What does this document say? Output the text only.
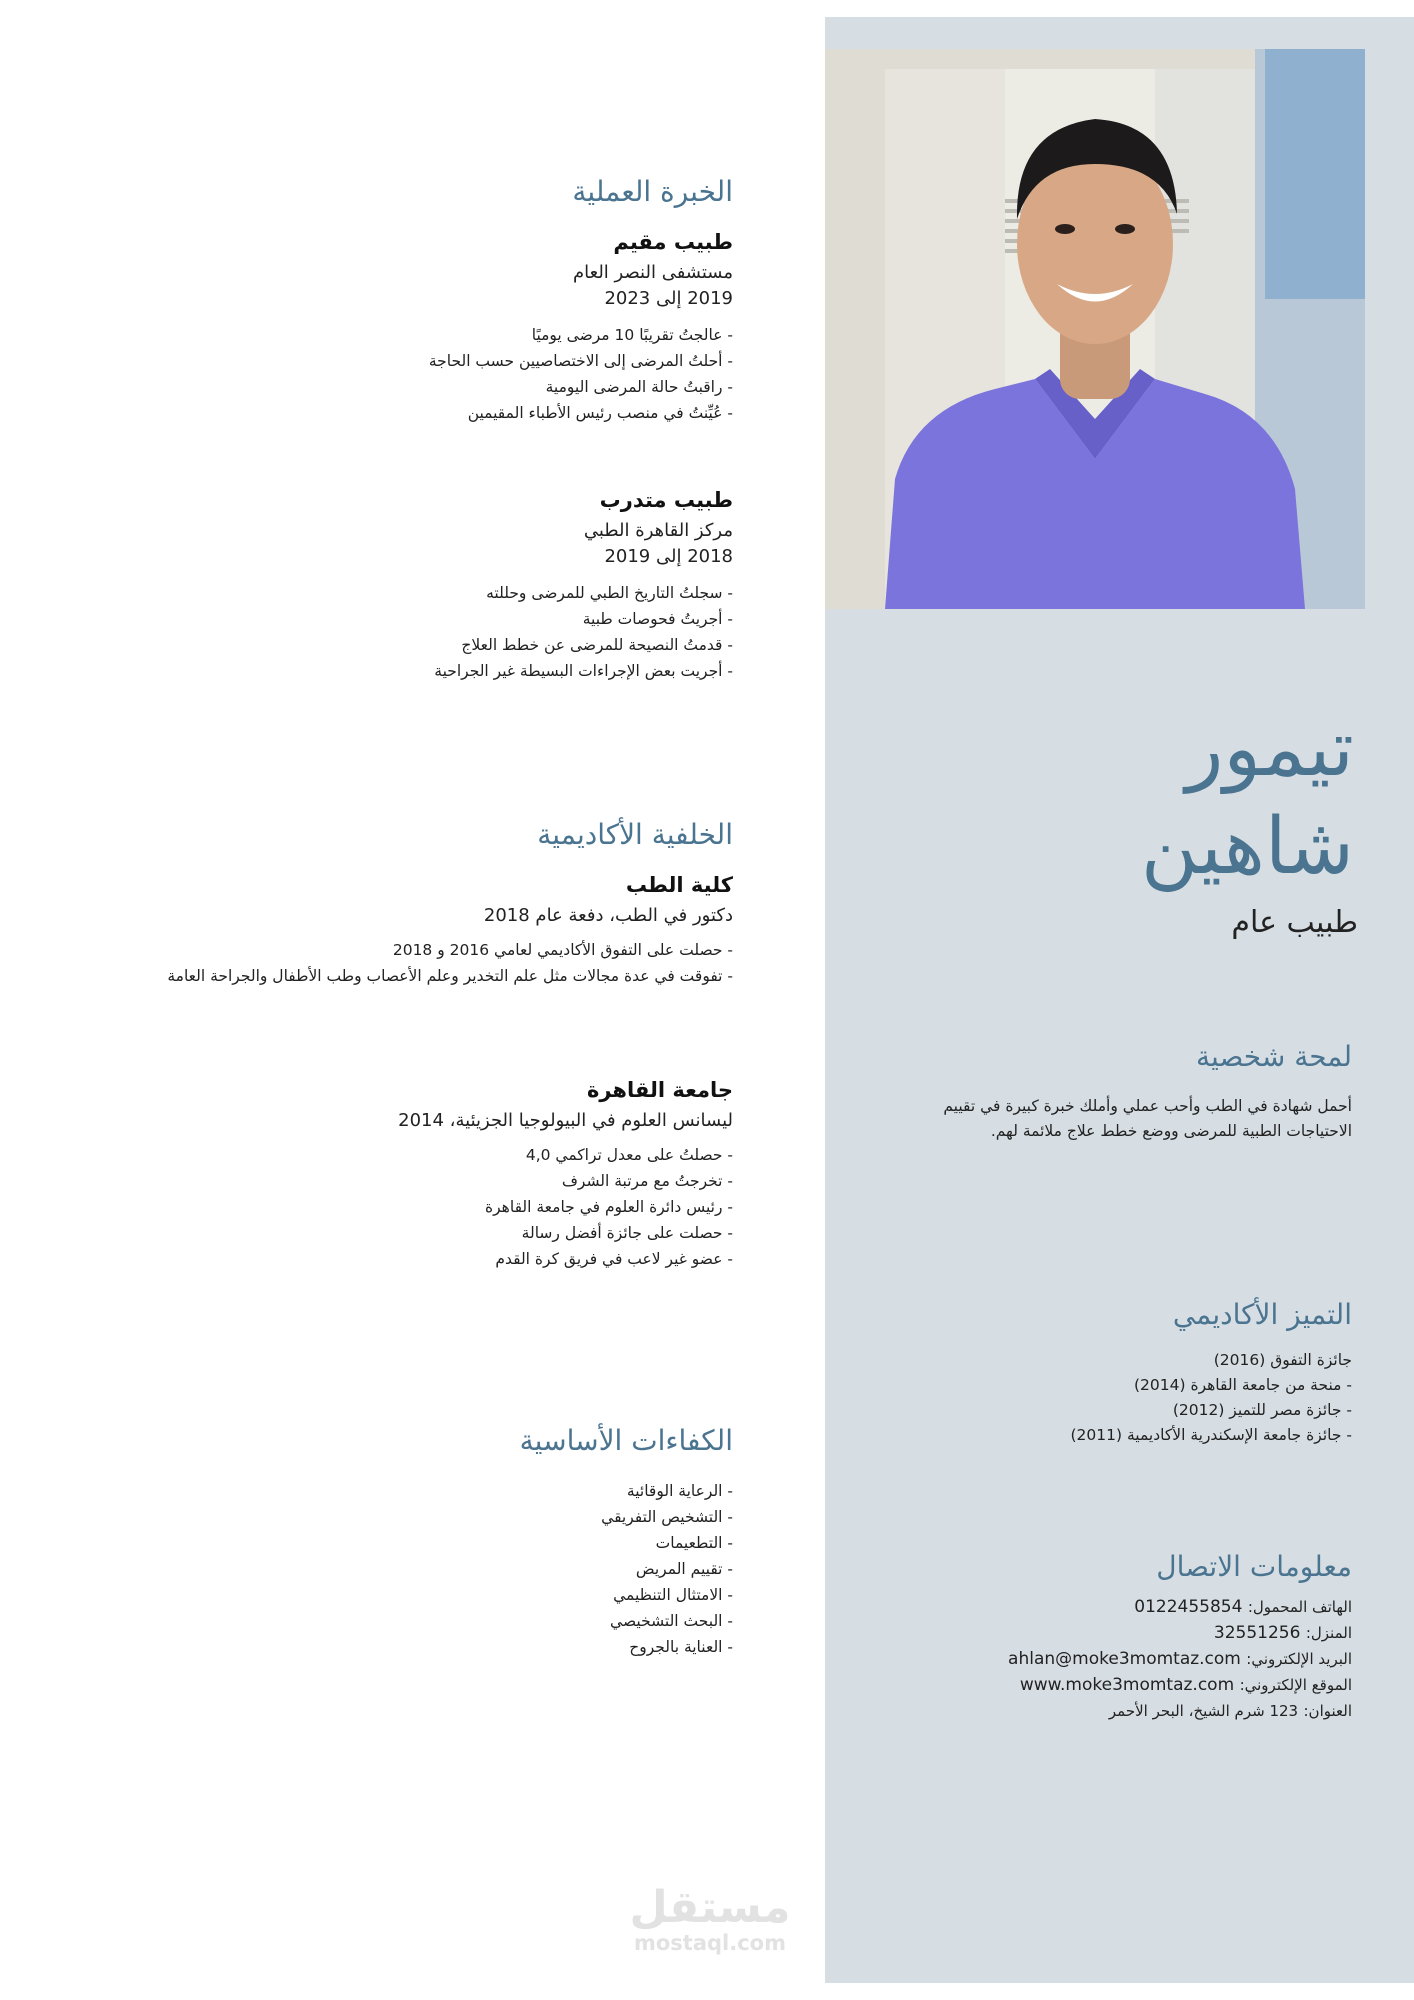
تيمور
شاهين
طبيب عام
لمحة شخصية
أحمل شهادة في الطب وأحب عملي وأملك خبرة كبيرة في تقييم
الاحتياجات الطبية للمرضى ووضع خطط علاج ملائمة لهم.
التميز الأكاديمي
جائزة التفوق (2016)
- منحة من جامعة القاهرة (2014)
- جائزة مصر للتميز (2012)
- جائزة جامعة الإسكندرية الأكاديمية (2011)
معلومات الاتصال
الهاتف المحمول: 0122455854
المنزل: 32551256
البريد الإلكتروني: ahlan@moke3momtaz.com
الموقع الإلكتروني: www.moke3momtaz.com
العنوان: 123 شرم الشيخ، البحر الأحمر
الخبرة العملية
طبيب مقيم
مستشفى النصر العام
2019 إلى 2023
- عالجتُ تقريبًا 10 مرضى يوميًا
- أحلتُ المرضى إلى الاختصاصيين حسب الحاجة
- راقبتُ حالة المرضى اليومية
- عُيِّنتُ في منصب رئيس الأطباء المقيمين
طبيب متدرب
مركز القاهرة الطبي
2018 إلى 2019
- سجلتُ التاريخ الطبي للمرضى وحللته
- أجريتُ فحوصات طبية
- قدمتُ النصيحة للمرضى عن خطط العلاج
- أجريت بعض الإجراءات البسيطة غير الجراحية
الخلفية الأكاديمية
كلية الطب
دكتور في الطب، دفعة عام 2018
- حصلت على التفوق الأكاديمي لعامي 2016 و 2018
- تفوقت في عدة مجالات مثل علم التخدير وعلم الأعصاب وطب الأطفال والجراحة العامة
جامعة القاهرة
ليسانس العلوم في البيولوجيا الجزيئية، 2014
- حصلتُ على معدل تراكمي 4,0
- تخرجتُ مع مرتبة الشرف
- رئيس دائرة العلوم في جامعة القاهرة
- حصلت على جائزة أفضل رسالة
- عضو غير لاعب في فريق كرة القدم
الكفاءات الأساسية
- الرعاية الوقائية
- التشخيص التفريقي
- التطعيمات
- تقييم المريض
- الامتثال التنظيمي
- البحث التشخيصي
- العناية بالجروح
مستقل
mostaql.com
